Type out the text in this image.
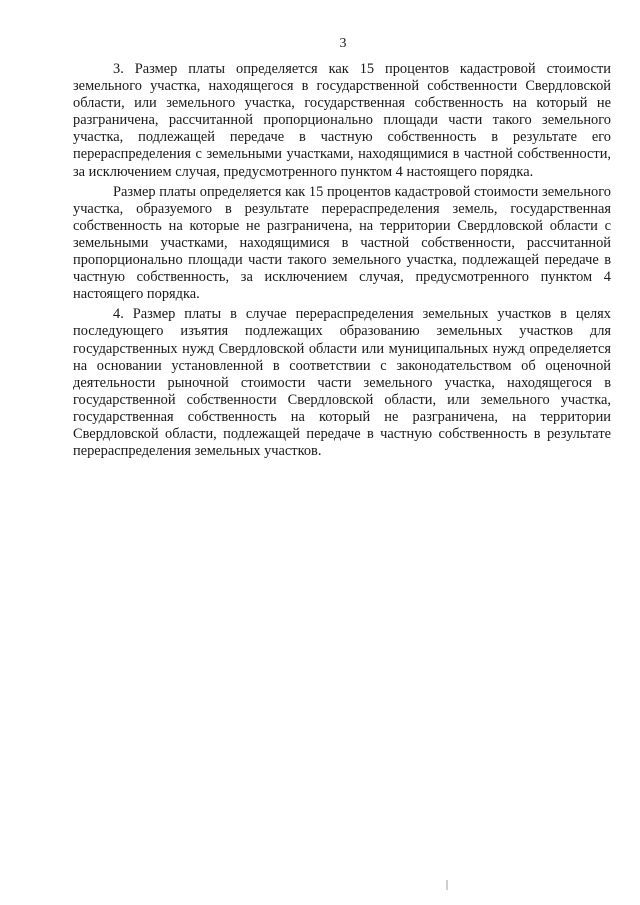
3

3. Размер платы определяется как 15 процентов кадастровой стоимости земельного участка, находящегося в государственной собственности Свердловской области, или земельного участка, государственная собственность на который не разграничена, рассчитанной пропорционально площади части такого земельного участка, подлежащей передаче в частную собственность в результате его перераспределения с земельными участками, находящимися в частной собственности, за исключением случая, предусмотренного пунктом 4 настоящего порядка.

Размер платы определяется как 15 процентов кадастровой стоимости земельного участка, образуемого в результате перераспределения земель, государственная собственность на которые не разграничена, на территории Свердловской области с земельными участками, находящимися в частной собственности, рассчитанной пропорционально площади части такого земельного участка, подлежащей передаче в частную собственность, за исключением случая, предусмотренного пунктом 4 настоящего порядка.

4. Размер платы в случае перераспределения земельных участков в целях последующего изъятия подлежащих образованию земельных участков для государственных нужд Свердловской области или муниципальных нужд определяется на основании установленной в соответствии с законодательством об оценочной деятельности рыночной стоимости части земельного участка, находящегося в государственной собственности Свердловской области, или земельного участка, государственная собственность на который не разграничена, на территории Свердловской области, подлежащей передаче в частную собственность в результате перераспределения земельных участков.
